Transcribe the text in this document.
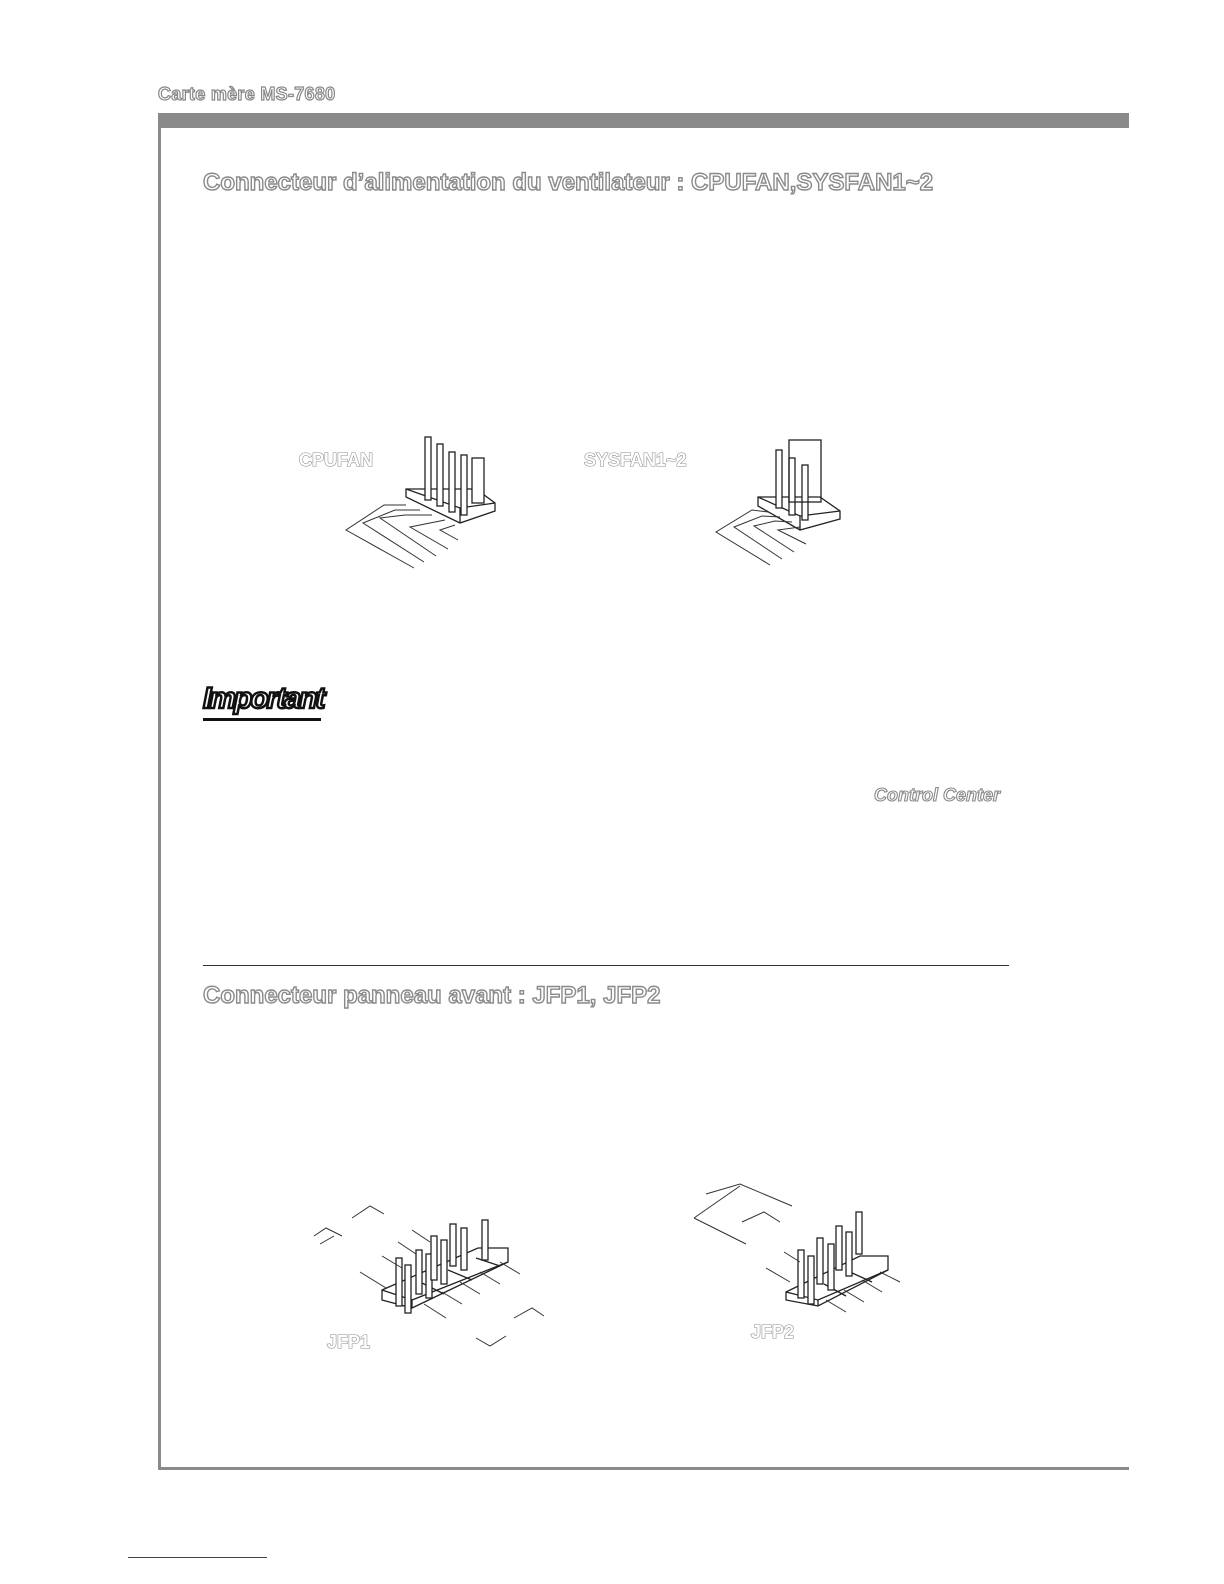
Carte mère MS-7680
Connecteur d’alimentation du ventilateur : CPUFAN,SYSFAN1~2
CPUFAN	SYSFAN1~2
Important
Control Center
Connecteur panneau avant : JFP1, JFP2
JFP1	JFP2
